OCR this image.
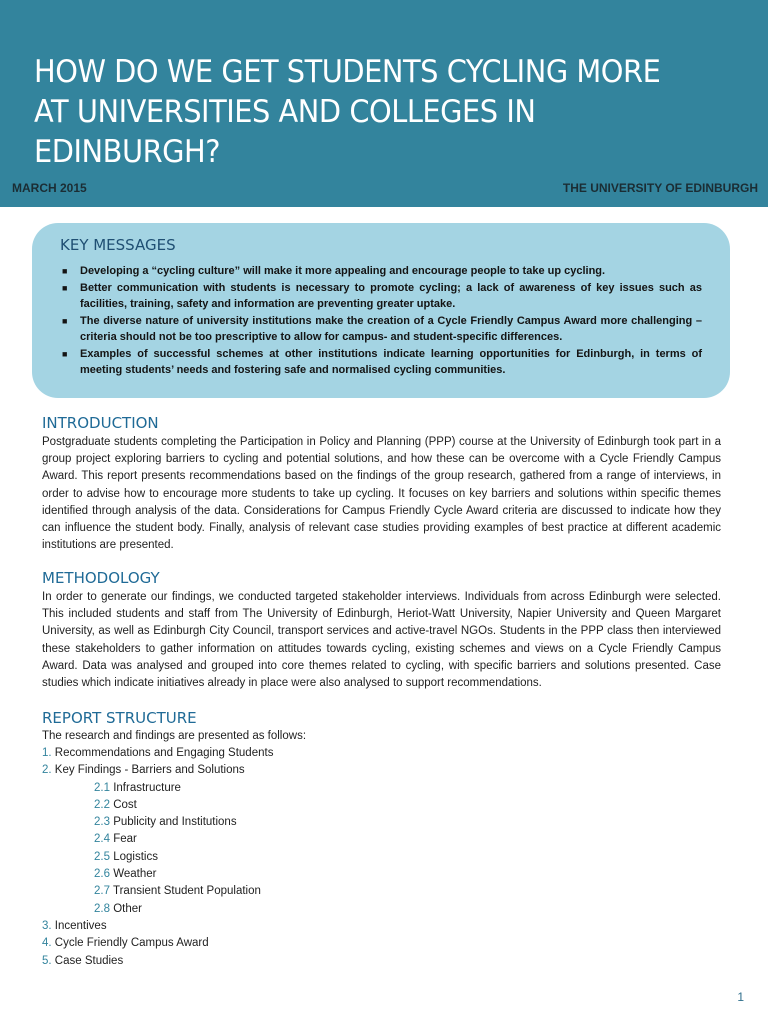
HOW DO WE GET STUDENTS CYCLING MORE AT UNIVERSITIES AND COLLEGES IN EDINBURGH?
MARCH 2015	THE UNIVERSITY OF EDINBURGH
KEY MESSAGES
■ Developing a “cycling culture” will make it more appealing and encourage people to take up cycling.
■ Better communication with students is necessary to promote cycling; a lack of awareness of key issues such as facilities, training, safety and information are preventing greater uptake.
■ The diverse nature of university institutions make the creation of a Cycle Friendly Campus Award more challenging – criteria should not be too prescriptive to allow for campus- and student-specific differences.
■ Examples of successful schemes at other institutions indicate learning opportunities for Edinburgh, in terms of meeting students’ needs and fostering safe and normalised cycling communities.
INTRODUCTION

Postgraduate students completing the Participation in Policy and Planning (PPP) course at the University of Edinburgh took part in a group project exploring barriers to cycling and potential solutions, and how these can be overcome with a Cycle Friendly Campus Award. This report presents recommendations based on the findings of the group research, gathered from a range of interviews, in order to advise how to encourage more students to take up cycling. It focuses on key barriers and solutions within specific themes identified through analysis of the data. Considerations for Campus Friendly Cycle Award criteria are discussed to indicate how they can influence the student body. Finally, analysis of relevant case studies providing examples of best practice at different academic institutions are presented.

METHODOLOGY

In order to generate our findings, we conducted targeted stakeholder interviews. Individuals from across Edinburgh were selected. This included students and staff from The University of Edinburgh, Heriot-Watt University, Napier University and Queen Margaret University, as well as Edinburgh City Council, transport services and active-travel NGOs. Students in the PPP class then interviewed these stakeholders to gather information on attitudes towards cycling, existing schemes and views on a Cycle Friendly Campus Award. Data was analysed and grouped into core themes related to cycling, with specific barriers and solutions presented. Case studies which indicate initiatives already in place were also analysed to support recommendations.

REPORT STRUCTURE

The research and findings are presented as follows:

1. Recommendations and Engaging Students
2. Key Findings - Barriers and Solutions
2.1 Infrastructure
2.2 Cost
2.3 Publicity and Institutions
2.4 Fear
2.5 Logistics
2.6 Weather
2.7 Transient Student Population
2.8 Other
3. Incentives
4. Cycle Friendly Campus Award
5. Case Studies
1
